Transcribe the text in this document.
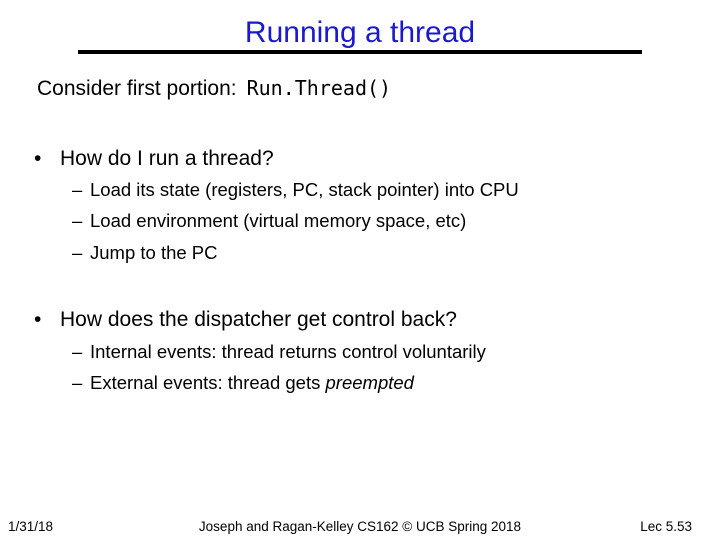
Running a thread
Consider first portion: Run.Thread()
• How do I run a thread?
– Load its state (registers, PC, stack pointer) into CPU
– Load environment (virtual memory space, etc)
– Jump to the PC
• How does the dispatcher get control back?
– Internal events: thread returns control voluntarily
– External events: thread gets preempted
1/31/18	Joseph and Ragan-Kelley CS162 © UCB Spring 2018	Lec 5.53
